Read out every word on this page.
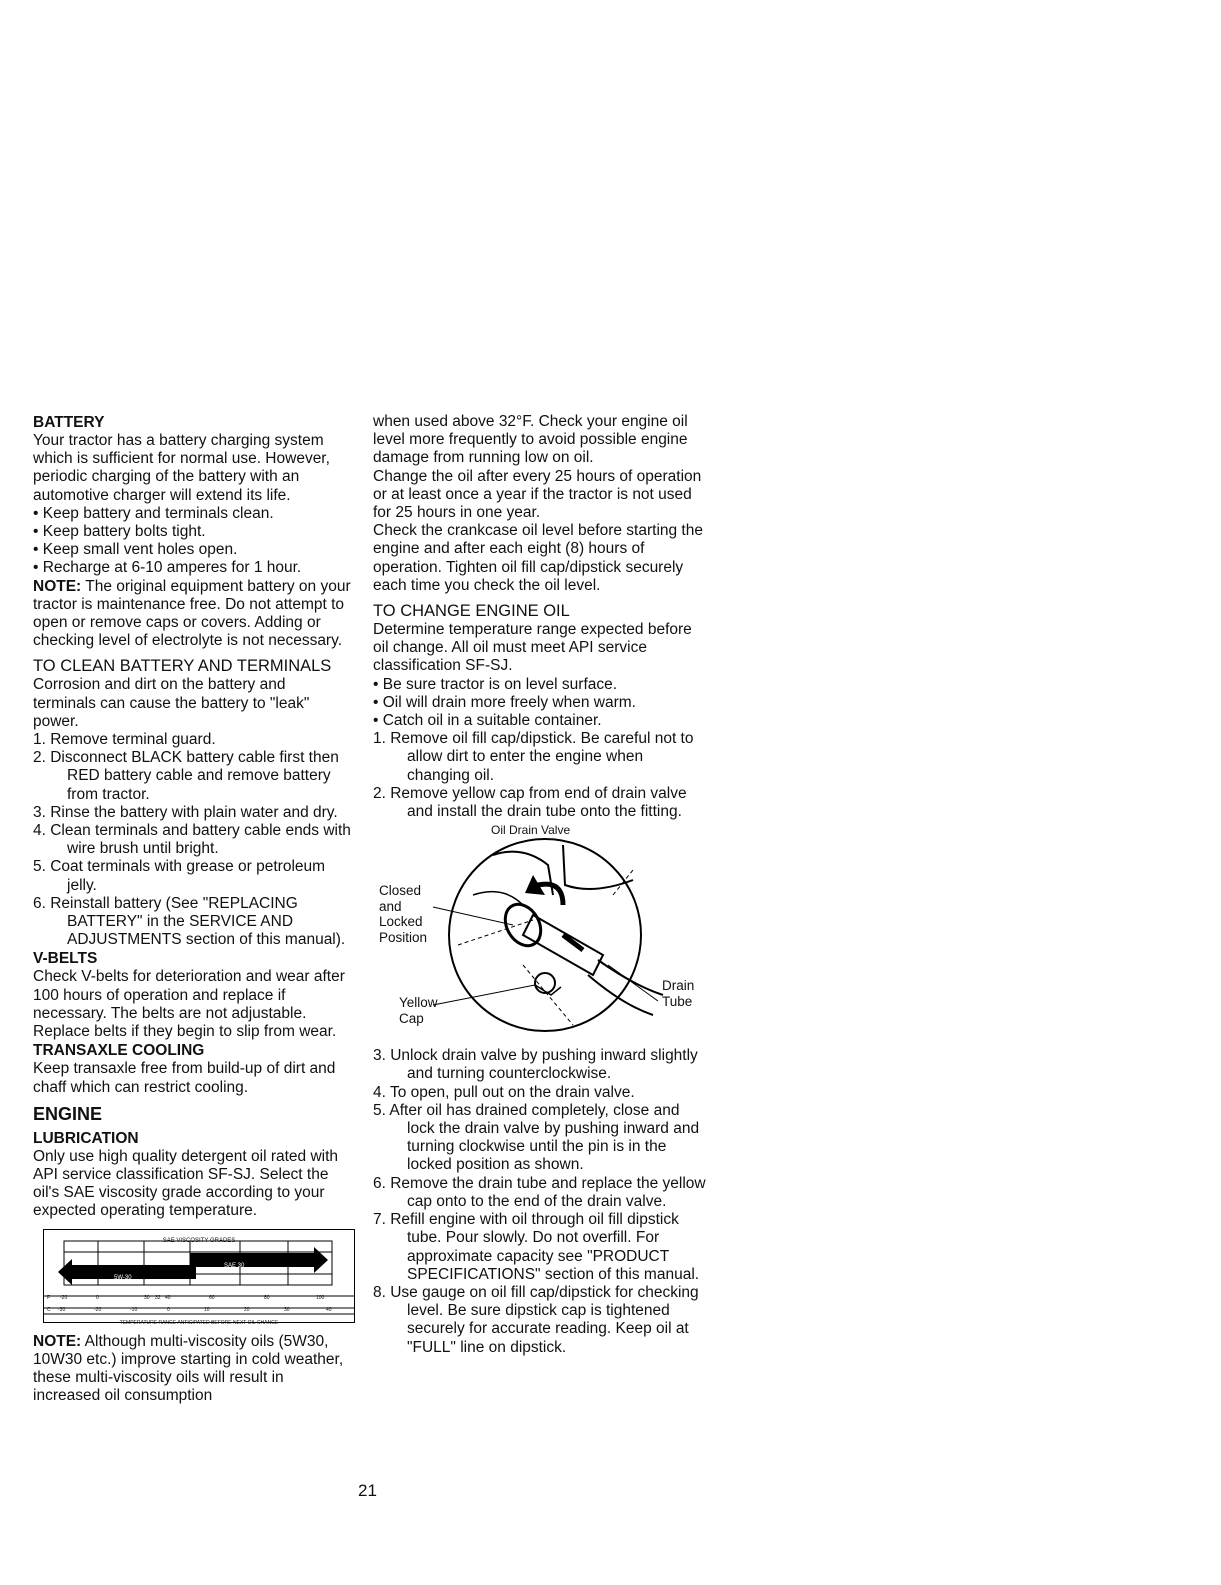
BATTERY

Your tractor has a battery charging system which is sufficient for normal use. However, periodic charging of the battery with an automotive charger will extend its life.

• Keep battery and terminals clean.

• Keep battery bolts tight.

• Keep small vent holes open.

• Recharge at 6-10 amperes for 1 hour.

NOTE: The original equipment battery on your tractor is maintenance free. Do not attempt to open or remove caps or covers. Adding or checking level of electrolyte is not necessary.

TO CLEAN BATTERY AND TERMINALS

Corrosion and dirt on the battery and terminals can cause the battery to "leak" power.

1. Remove terminal guard.

2. Disconnect BLACK battery cable first then RED battery cable and remove battery from tractor.

3. Rinse the battery with plain water and dry.

4. Clean terminals and battery cable ends with wire brush until bright.

5. Coat terminals with grease or petroleum jelly.

6. Reinstall battery (See "REPLACING BATTERY" in the SERVICE AND ADJUSTMENTS section of this manual).

V-BELTS

Check V-belts for deterioration and wear after 100 hours of operation and replace if necessary. The belts are not adjustable. Replace belts if they begin to slip from wear.

TRANSAXLE COOLING

Keep transaxle free from build-up of dirt and chaff which can restrict cooling.

ENGINE
LUBRICATION

Only use high quality detergent oil rated with API service classification SF-SJ. Select the oil's SAE viscosity grade according to your expected operating temperature.

SAE VISCOSITY GRADES
SAE 30
5W-30
F
C
-20	0	30 32 40	60	80	100
-30	-20	-10	0	10	20	30	40
TEMPERATURE RANGE ANTICIPATED BEFORE NEXT OIL CHANGE

NOTE: Although multi-viscosity oils (5W30, 10W30 etc.) improve starting in cold weather, these multi-viscosity oils will result in increased oil consumption

when used above 32°F. Check your engine oil level more frequently to avoid possible engine damage from running low on oil.

Change the oil after every 25 hours of operation or at least once a year if the tractor is not used for 25 hours in one year.

Check the crankcase oil level before starting the engine and after each eight (8) hours of operation. Tighten oil fill cap/dipstick securely each time you check the oil level.

TO CHANGE ENGINE OIL

Determine temperature range expected before oil change. All oil must meet API service classification SF-SJ.

• Be sure tractor is on level surface.

• Oil will drain more freely when warm.

• Catch oil in a suitable container.

1. Remove oil fill cap/dipstick. Be careful not to allow dirt to enter the engine when changing oil.

2. Remove yellow cap from end of drain valve and install the drain tube onto the fitting.

Oil Drain Valve
Closed
and
Locked
Position
Yellow
Cap
Drain
Tube

3. Unlock drain valve by pushing inward slightly and turning counterclockwise.

4. To open, pull out on the drain valve.

5. After oil has drained completely, close and lock the drain valve by pushing inward and turning clockwise until the pin is in the locked position as shown.

6. Remove the drain tube and replace the yellow cap onto to the end of the drain valve.

7. Refill engine with oil through oil fill dipstick tube. Pour slowly. Do not overfill. For approximate capacity see "PRODUCT SPECIFICATIONS" section of this manual.

8. Use gauge on oil fill cap/dipstick for checking level. Be sure dipstick cap is tightened securely for accurate reading. Keep oil at "FULL" line on dipstick.

21
